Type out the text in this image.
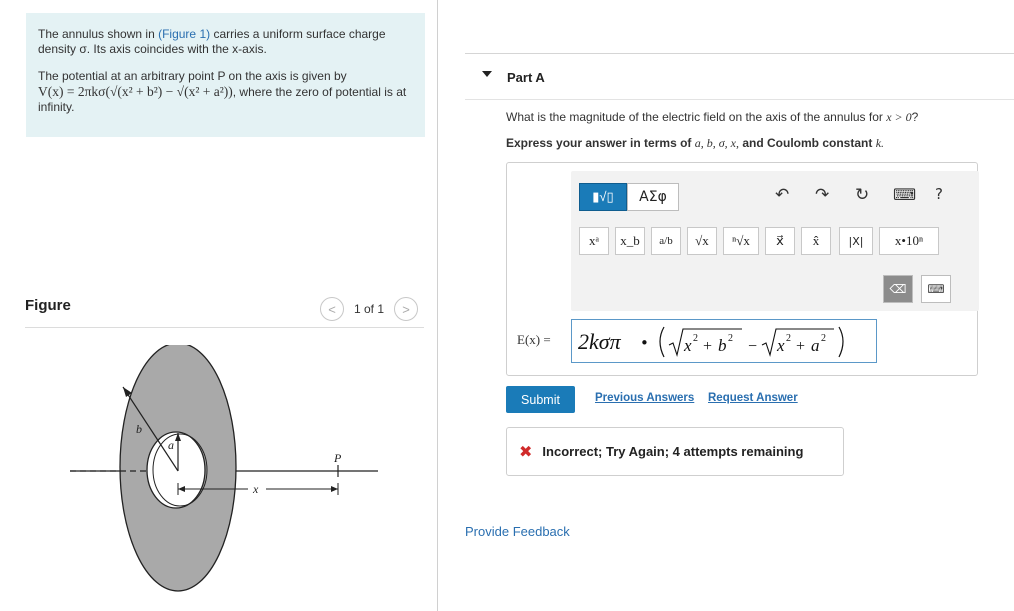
The annulus shown in (Figure 1) carries a uniform surface charge density σ. Its axis coincides with the x-axis.

The potential at an arbitrary point P on the axis is given by
V(x) = 2πkσ(√(x² + b²) − √(x² + a²)), where the zero of potential is at infinity.

Figure	< 1 of 1 >
b
a
P
x
Part A
What is the magnitude of the electric field on the axis of the annulus for x > 0?
Express your answer in terms of a, b, σ, x, and Coulomb constant k.
▮√▯	ΑΣφ	↶ ↷ ↻ ⌨ ?
xᵃ	x_b	a/b	√x	ⁿ√x	x⃗	x̂	|X|	x•10ⁿ
⌫ ⌨
E(x) = 2kσπ • x 2 + b 2 − x 2 + a 2
Submit	Previous Answers Request Answer
✖ Incorrect; Try Again; 4 attempts remaining
Provide Feedback
